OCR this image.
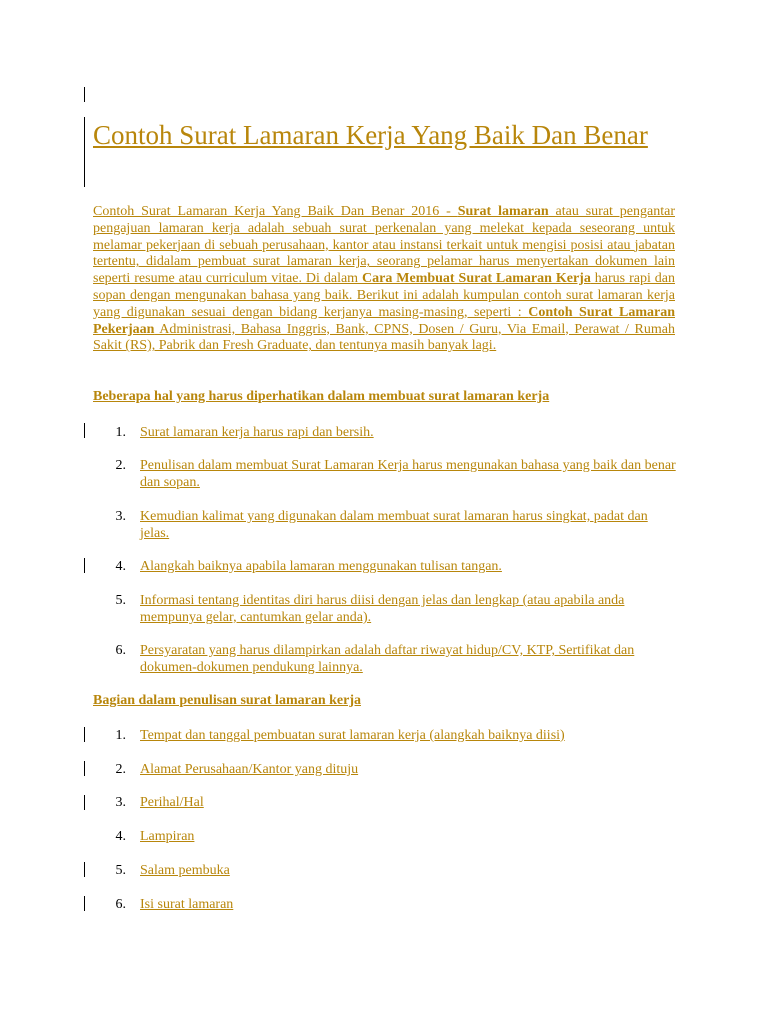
Contoh Surat Lamaran Kerja Yang Baik Dan Benar

Contoh Surat Lamaran Kerja Yang Baik Dan Benar 2016 - Surat lamaran atau surat pengantar pengajuan lamaran kerja adalah sebuah surat perkenalan yang melekat kepada seseorang untuk melamar pekerjaan di sebuah perusahaan, kantor atau instansi terkait untuk mengisi posisi atau jabatan tertentu, didalam pembuat surat lamaran kerja, seorang pelamar harus menyertakan dokumen lain seperti resume atau curriculum vitae. Di dalam Cara Membuat Surat Lamaran Kerja harus rapi dan sopan dengan mengunakan bahasa yang baik. Berikut ini adalah kumpulan contoh surat lamaran kerja yang digunakan sesuai dengan bidang kerjanya masing-masing, seperti : Contoh Surat Lamaran Pekerjaan Administrasi, Bahasa Inggris, Bank, CPNS, Dosen / Guru, Via Email, Perawat / Rumah Sakit (RS), Pabrik dan Fresh Graduate, dan tentunya masih banyak lagi.

Beberapa hal yang harus diperhatikan dalam membuat surat lamaran kerja
1. Surat lamaran kerja harus rapi dan bersih.
2. Penulisan dalam membuat Surat Lamaran Kerja harus mengunakan bahasa yang baik dan benar dan sopan.
3. Kemudian kalimat yang digunakan dalam membuat surat lamaran harus singkat, padat dan jelas.
4. Alangkah baiknya apabila lamaran menggunakan tulisan tangan.
5. Informasi tentang identitas diri harus diisi dengan jelas dan lengkap (atau apabila anda mempunya gelar, cantumkan gelar anda).
6. Persyaratan yang harus dilampirkan adalah daftar riwayat hidup/CV, KTP, Sertifikat dan dokumen-dokumen pendukung lainnya.
Bagian dalam penulisan surat lamaran kerja
1. Tempat dan tanggal pembuatan surat lamaran kerja (alangkah baiknya diisi)
2. Alamat Perusahaan/Kantor yang dituju
3. Perihal/Hal
4. Lampiran
5. Salam pembuka
6. Isi surat lamaran
